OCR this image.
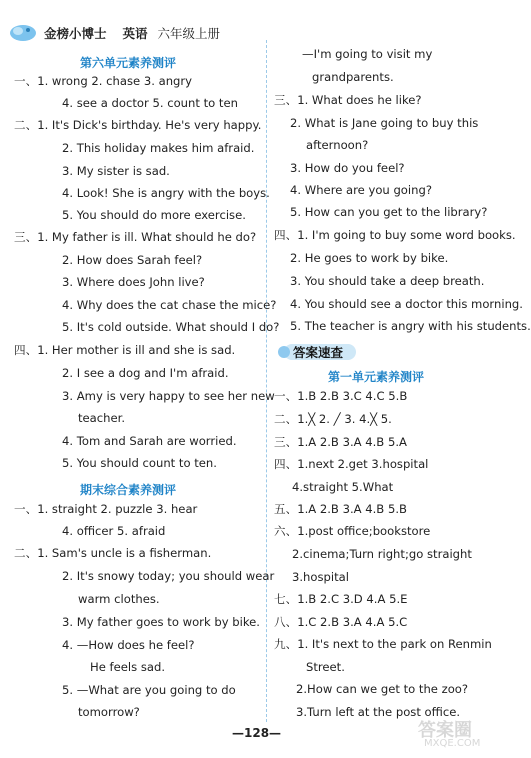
金榜小博士 英语 六年级上册
第六单元素养测评
一、1. wrong 2. chase 3. angry
4. see a doctor 5. count to ten
二、1. It's Dick's birthday. He's very happy.
2. This holiday makes him afraid.
3. My sister is sad.
4. Look! She is angry with the boys.
5. You should do more exercise.
三、1. My father is ill. What should he do?
2. How does Sarah feel?
3. Where does John live?
4. Why does the cat chase the mice?
5. It's cold outside. What should I do?
四、1. Her mother is ill and she is sad.
2. I see a dog and I'm afraid.
3. Amy is very happy to see her new
teacher.
4. Tom and Sarah are worried.
5. You should count to ten.
期末综合素养测评
一、1. straight 2. puzzle 3. hear
4. officer 5. afraid
二、1. Sam's uncle is a fisherman.
2. It's snowy today; you should wear
warm clothes.
3. My father goes to work by bike.
4. —How does he feel?
He feels sad.
5. —What are you going to do
tomorrow?
—I'm going to visit my
grandparents.
三、1. What does he like?
2. What is Jane going to buy this
afternoon?
3. How do you feel?
4. Where are you going?
5. How can you get to the library?
四、1. I'm going to buy some word books.
2. He goes to work by bike.
3. You should take a deep breath.
4. You should see a doctor this morning.
5. The teacher is angry with his students.
答案速查
第一单元素养测评
一、1.B 2.B 3.C 4.C 5.B
二、1.╳ 2. ╱ 3. 4.╳ 5.
三、1.A 2.B 3.A 4.B 5.A
四、1.next 2.get 3.hospital
4.straight 5.What
五、1.A 2.B 3.A 4.B 5.B
六、1.post office;bookstore
2.cinema;Turn right;go straight
3.hospital
七、1.B 2.C 3.D 4.A 5.E
八、1.C 2.B 3.A 4.A 5.C
九、1. It's next to the park on Renmin
Street.
2.How can we get to the zoo?
3.Turn left at the post office.
—128—	答案圈
MXQE.COM
